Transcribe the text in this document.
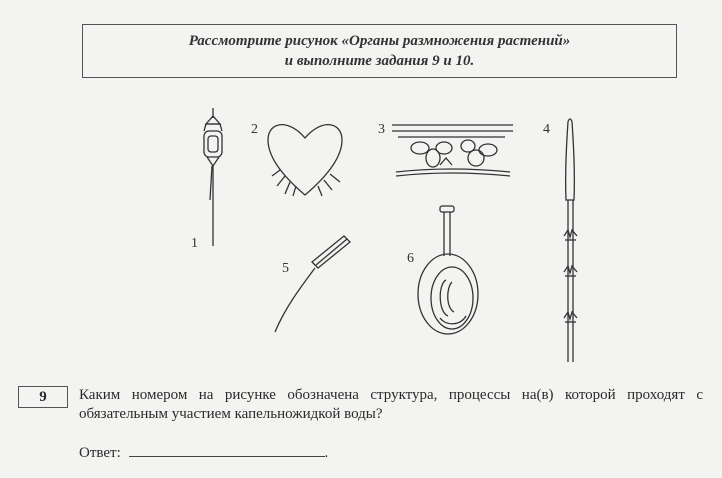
Рассмотрите рисунок «Органы размножения растений»
и выполните задания 9 и 10.
1
2	3	4
5
6
9	Каким номером на рисунке обозначена структура, процессы на(в) которой проходят с обязательным участием капельножидкой воды?
Ответ:	.
